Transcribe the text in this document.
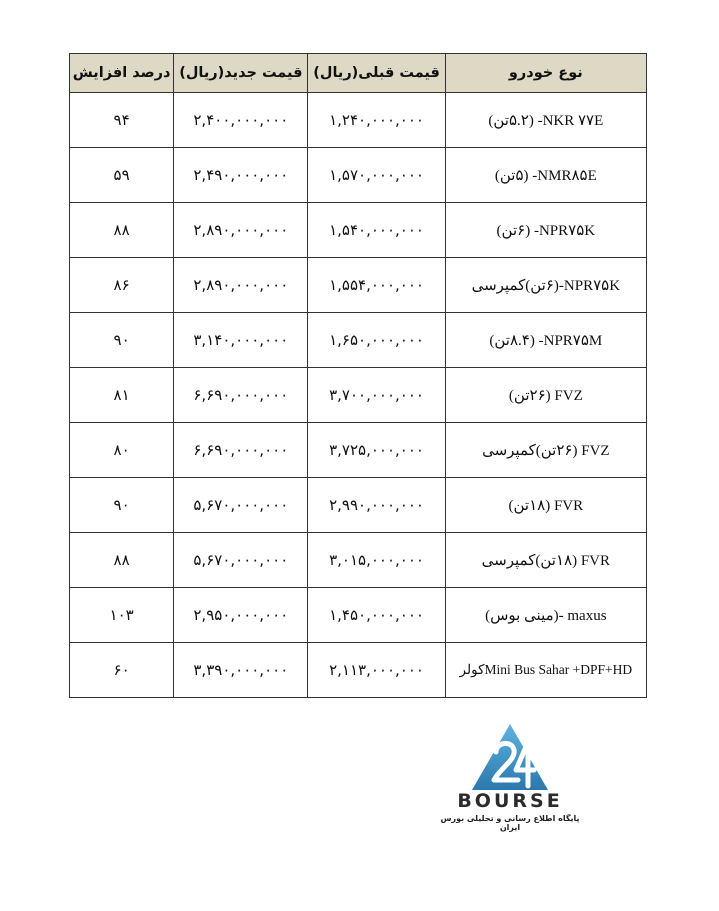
نوع خودرو	قیمت قبلی(ریال)	قیمت جدید(ریال)	درصد افزایش
NKR ۷۷E- (۵.۲تن)	۱,۲۴۰,۰۰۰,۰۰۰	۲,۴۰۰,۰۰۰,۰۰۰	۹۴
NMR۸۵E- (۵تن)	۱,۵۷۰,۰۰۰,۰۰۰	۲,۴۹۰,۰۰۰,۰۰۰	۵۹
NPR۷۵K- (۶تن)	۱,۵۴۰,۰۰۰,۰۰۰	۲,۸۹۰,۰۰۰,۰۰۰	۸۸
NPR۷۵K-(۶تن)کمپرسی	۱,۵۵۴,۰۰۰,۰۰۰	۲,۸۹۰,۰۰۰,۰۰۰	۸۶
NPR۷۵M- (۸.۴تن)	۱,۶۵۰,۰۰۰,۰۰۰	۳,۱۴۰,۰۰۰,۰۰۰	۹۰
FVZ (۲۶تن)	۳,۷۰۰,۰۰۰,۰۰۰	۶,۶۹۰,۰۰۰,۰۰۰	۸۱
FVZ (۲۶تن)کمپرسی	۳,۷۲۵,۰۰۰,۰۰۰	۶,۶۹۰,۰۰۰,۰۰۰	۸۰
FVR (۱۸تن)	۲,۹۹۰,۰۰۰,۰۰۰	۵,۶۷۰,۰۰۰,۰۰۰	۹۰
FVR (۱۸تن)کمپرسی	۳,۰۱۵,۰۰۰,۰۰۰	۵,۶۷۰,۰۰۰,۰۰۰	۸۸
maxus -(مینی بوس)	۱,۴۵۰,۰۰۰,۰۰۰	۲,۹۵۰,۰۰۰,۰۰۰	۱۰۳
Mini Bus Sahar +DPF+HDکولر	۲,۱۱۳,۰۰۰,۰۰۰	۳,۳۹۰,۰۰۰,۰۰۰	۶۰
BOURSE
پایگاه اطلاع رسانی و تحلیلی بورس ایران
